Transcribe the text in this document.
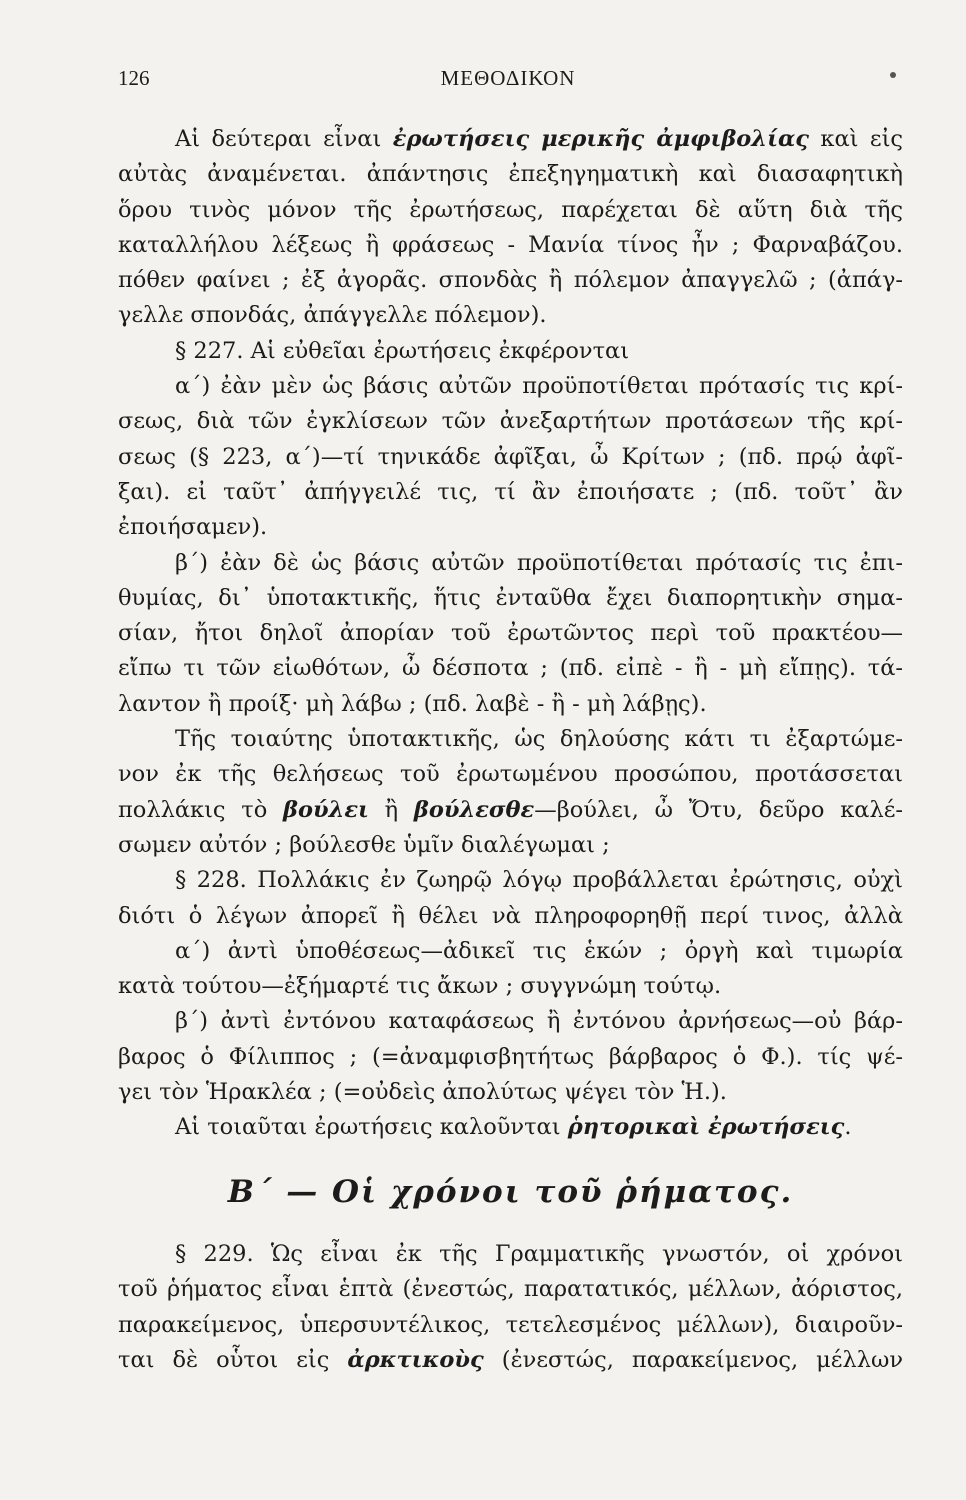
126	ΜΕΘΟΔΙΚΟΝ
Αἱ δεύτεραι εἶναι ἐρωτήσεις μερικῆς ἀμφιβολίας καὶ εἰς
αὐτὰς ἀναμένεται. ἀπάντησις ἐπεξηγηματικὴ καὶ διασαφητικὴ
ὅρου τινὸς μόνον τῆς ἐρωτήσεως, παρέχεται δὲ αὕτη διὰ τῆς
καταλλήλου λέξεως ἢ φράσεως - Μανία τίνος ἦν ; Φαρναβάζου.
πόθεν φαίνει ; ἐξ ἀγορᾶς. σπονδὰς ἢ πόλεμον ἀπαγγελῶ ; (ἀπάγ-
γελλε σπονδάς, ἀπάγγελλε πόλεμον).
§ 227. Αἱ εὐθεῖαι ἐρωτήσεις ἐκφέρονται
α΄) ἐὰν μὲν ὡς βάσις αὐτῶν προϋποτίθεται πρότασίς τις κρί-
σεως, διὰ τῶν ἐγκλίσεων τῶν ἀνεξαρτήτων προτάσεων τῆς κρί-
σεως (§ 223, α΄)—τί τηνικάδε ἀφῖξαι, ὦ Κρίτων ; (πδ. πρῴ ἀφῖ-
ξαι). εἰ ταῦτ᾽ ἀπήγγειλέ τις, τί ἂν ἐποιήσατε ; (πδ. τοῦτ᾽ ἂν
ἐποιήσαμεν).
β΄) ἐὰν δὲ ὡς βάσις αὐτῶν προϋποτίθεται πρότασίς τις ἐπι-
θυμίας, δι᾽ ὑποτακτικῆς, ἥτις ἐνταῦθα ἔχει διαπορητικὴν σημα-
σίαν, ἤτοι δηλοῖ ἀπορίαν τοῦ ἐρωτῶντος περὶ τοῦ πρακτέου—
εἴπω τι τῶν εἰωθότων, ὦ δέσποτα ; (πδ. εἰπὲ - ἢ - μὴ εἴπῃς). τά-
λαντον ἢ προίξ· μὴ λάβω ; (πδ. λαβὲ - ἢ - μὴ λάβῃς).
Τῆς τοιαύτης ὑποτακτικῆς, ὡς δηλούσης κάτι τι ἐξαρτώμε-
νον ἐκ τῆς θελήσεως τοῦ ἐρωτωμένου προσώπου, προτάσσεται
πολλάκις τὸ βούλει ἢ βούλεσθε—βούλει, ὦ Ὄτυ, δεῦρο καλέ-
σωμεν αὐτόν ; βούλεσθε ὑμῖν διαλέγωμαι ;
§ 228. Πολλάκις ἐν ζωηρῷ λόγῳ προβάλλεται ἐρώτησις, οὐχὶ
διότι ὁ λέγων ἀπορεῖ ἢ θέλει νὰ πληροφορηθῇ περί τινος, ἀλλὰ
α΄) ἀντὶ ὑποθέσεως—ἀδικεῖ τις ἑκών ; ὀργὴ καὶ τιμωρία
κατὰ τούτου—ἐξήμαρτέ τις ἄκων ; συγγνώμη τούτῳ.
β΄) ἀντὶ ἐντόνου καταφάσεως ἢ ἐντόνου ἀρνήσεως—οὐ βάρ-
βαρος ὁ Φίλιππος ; (=ἀναμφισβητήτως βάρβαρος ὁ Φ.). τίς ψέ-
γει τὸν Ἡρακλέα ; (=οὐδεὶς ἀπολύτως ψέγει τὸν Ἡ.).
Αἱ τοιαῦται ἐρωτήσεις καλοῦνται ῥητορικαὶ ἐρωτήσεις.
Β΄ — Οἱ χρόνοι τοῦ ῥήματος.
§ 229. Ὡς εἶναι ἐκ τῆς Γραμματικῆς γνωστόν, οἱ χρόνοι
τοῦ ῥήματος εἶναι ἑπτὰ (ἐνεστώς, παρατατικός, μέλλων, ἀόριστος,
παρακείμενος, ὑπερσυντέλικος, τετελεσμένος μέλλων), διαιροῦν-
ται δὲ οὗτοι εἰς ἀρκτικοὺς (ἐνεστώς, παρακείμενος, μέλλων
